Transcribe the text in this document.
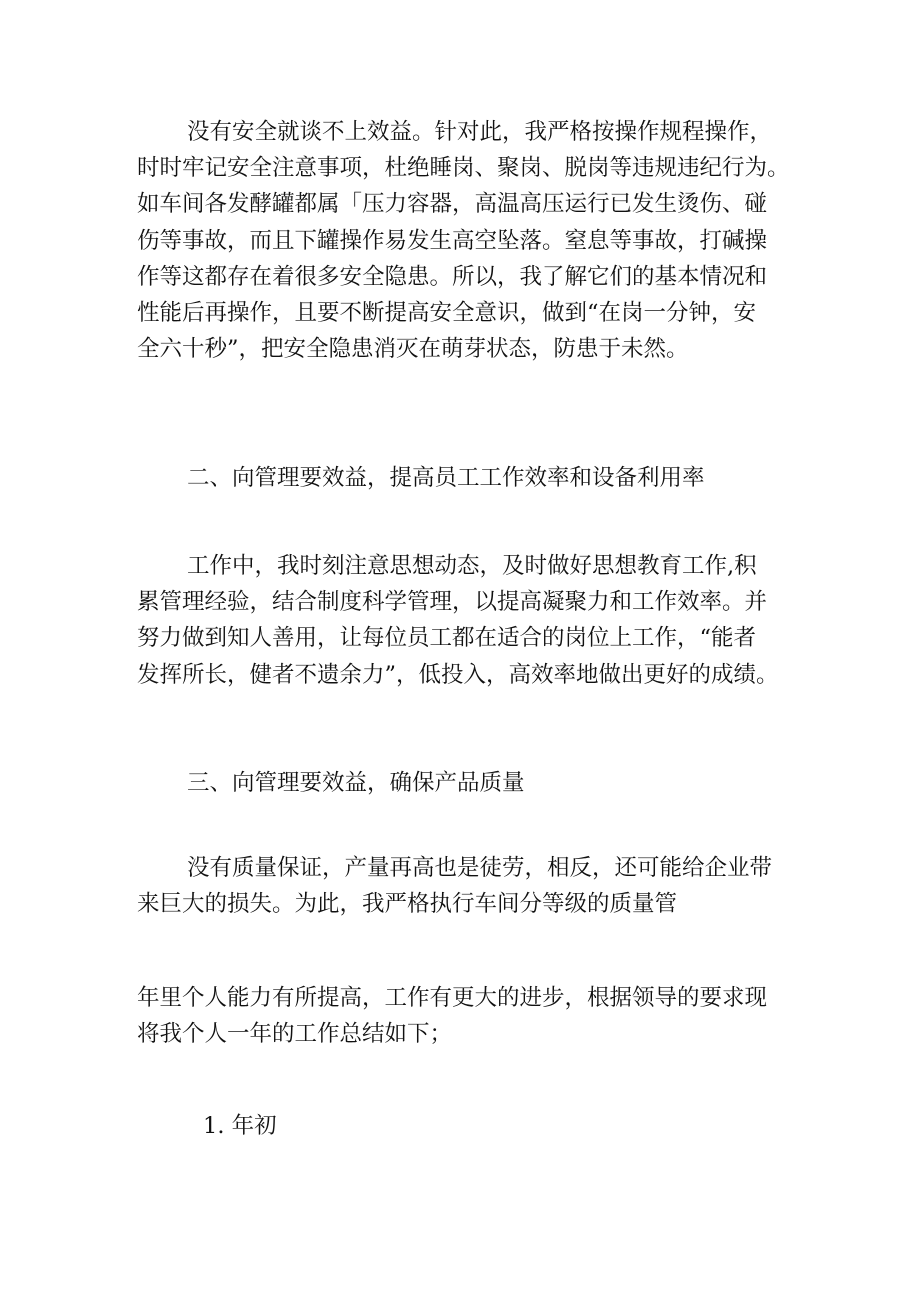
没有安全就谈不上效益。针对此，我严格按操作规程操作，
时时牢记安全注意事项，杜绝睡岗、聚岗、脱岗等违规违纪行为。
如车间各发酵罐都属「压力容器，高温高压运行已发生烫伤、碰
伤等事故，而且下罐操作易发生高空坠落。窒息等事故，打碱操
作等这都存在着很多安全隐患。所以，我了解它们的基本情况和
性能后再操作，且要不断提高安全意识，做到“在岗一分钟，安
全六十秒”，把安全隐患消灭在萌芽状态，防患于未然。
二、向管理要效益，提高员工工作效率和设备利用率
工作中，我时刻注意思想动态，及时做好思想教育工作,积
累管理经验，结合制度科学管理，以提高凝聚力和工作效率。并
努力做到知人善用，让每位员工都在适合的岗位上工作，“能者
发挥所长，健者不遗余力”，低投入，高效率地做出更好的成绩。
三、向管理要效益，确保产品质量
没有质量保证，产量再高也是徒劳，相反，还可能给企业带
来巨大的损失。为此，我严格执行车间分等级的质量管
年里个人能力有所提高，工作有更大的进步，根据领导的要求现
将我个人一年的工作总结如下；
1. 年初
